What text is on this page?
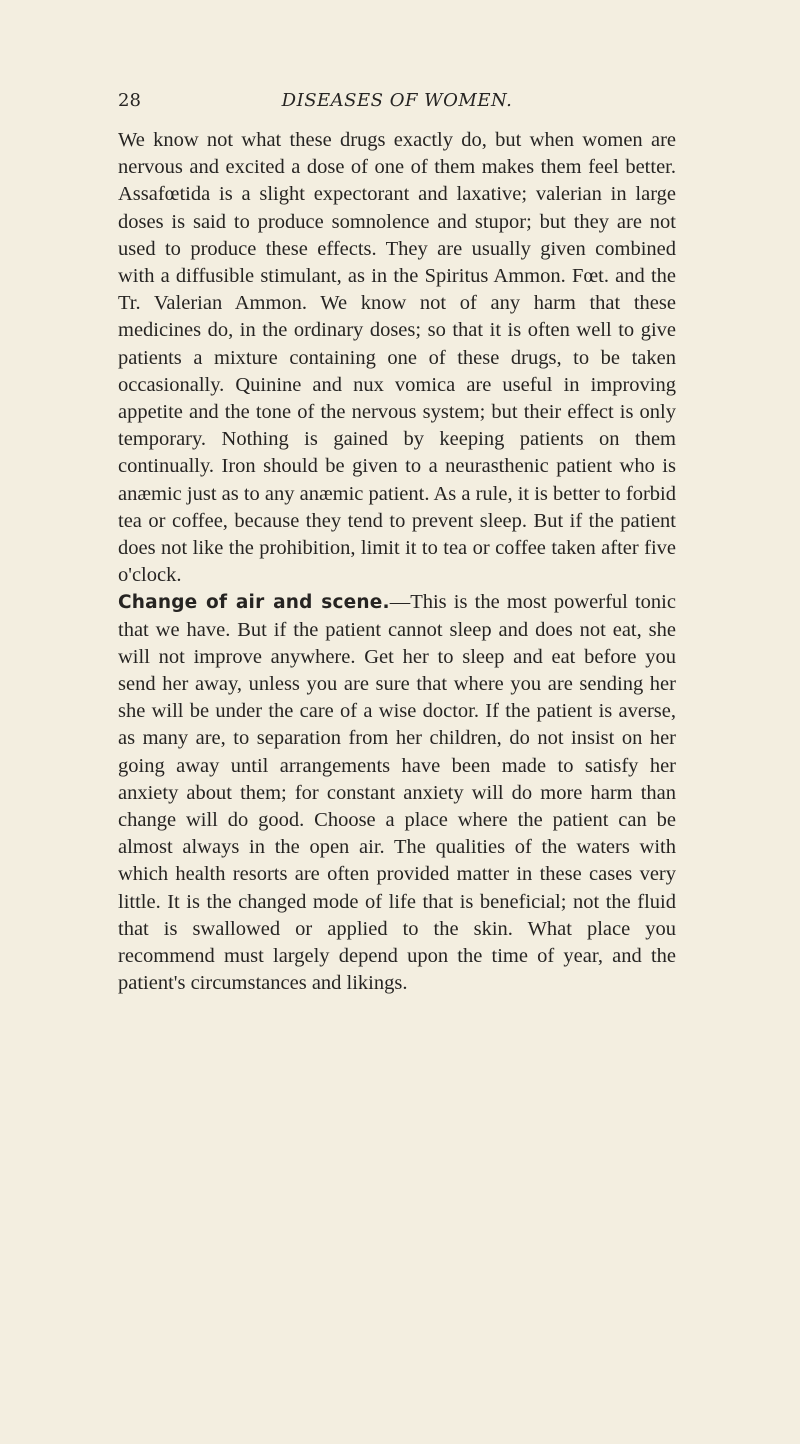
28	DISEASES OF WOMEN.

We know not what these drugs exactly do, but when women are nervous and excited a dose of one of them makes them feel better. Assafœtida is a slight expectorant and laxative; valerian in large doses is said to produce somnolence and stupor; but they are not used to produce these effects. They are usually given combined with a diffusible stimulant, as in the Spiritus Ammon. Fœt. and the Tr. Valerian Ammon. We know not of any harm that these medicines do, in the ordinary doses; so that it is often well to give patients a mixture containing one of these drugs, to be taken occasionally. Quinine and nux vomica are useful in improving appetite and the tone of the nervous system; but their effect is only temporary. Nothing is gained by keeping patients on them continually. Iron should be given to a neurasthenic patient who is anæmic just as to any anæmic patient. As a rule, it is better to forbid tea or coffee, because they tend to prevent sleep. But if the patient does not like the prohibition, limit it to tea or coffee taken after five o'clock.

Change of air and scene.—This is the most powerful tonic that we have. But if the patient cannot sleep and does not eat, she will not improve anywhere. Get her to sleep and eat before you send her away, unless you are sure that where you are sending her she will be under the care of a wise doctor. If the patient is averse, as many are, to separation from her children, do not insist on her going away until arrangements have been made to satisfy her anxiety about them; for constant anxiety will do more harm than change will do good. Choose a place where the patient can be almost always in the open air. The qualities of the waters with which health resorts are often provided matter in these cases very little. It is the changed mode of life that is beneficial; not the fluid that is swallowed or applied to the skin. What place you recommend must largely depend upon the time of year, and the patient's circumstances and likings.
